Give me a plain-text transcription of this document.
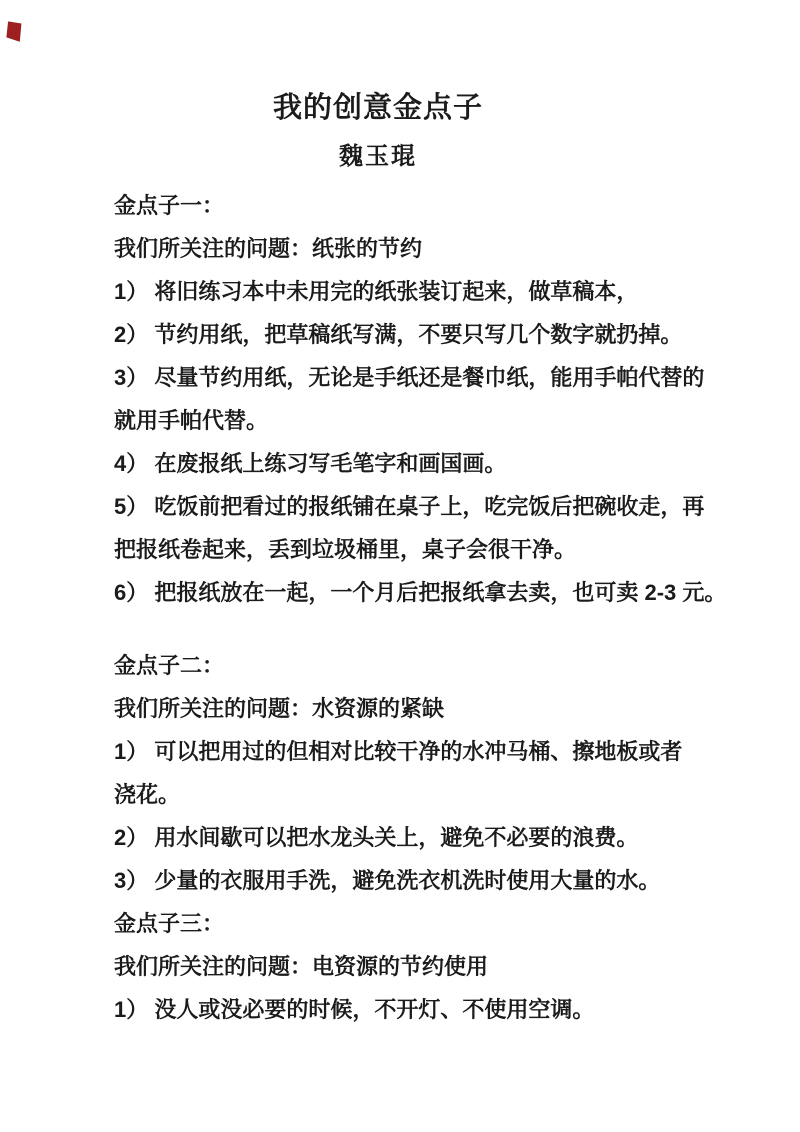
我的创意金点子
魏玉琨
金点子一：
我们所关注的问题：纸张的节约
1） 将旧练习本中未用完的纸张装订起来，做草稿本，
2） 节约用纸，把草稿纸写满，不要只写几个数字就扔掉。
3） 尽量节约用纸，无论是手纸还是餐巾纸，能用手帕代替的
就用手帕代替。
4） 在废报纸上练习写毛笔字和画国画。
5） 吃饭前把看过的报纸铺在桌子上，吃完饭后把碗收走，再
把报纸卷起来，丢到垃圾桶里，桌子会很干净。
6） 把报纸放在一起，一个月后把报纸拿去卖，也可卖 2-3 元。
金点子二：
我们所关注的问题：水资源的紧缺
1） 可以把用过的但相对比较干净的水冲马桶、擦地板或者
浇花。
2） 用水间歇可以把水龙头关上，避免不必要的浪费。
3） 少量的衣服用手洗，避免洗衣机洗时使用大量的水。
金点子三：
我们所关注的问题：电资源的节约使用
1） 没人或没必要的时候，不开灯、不使用空调。
